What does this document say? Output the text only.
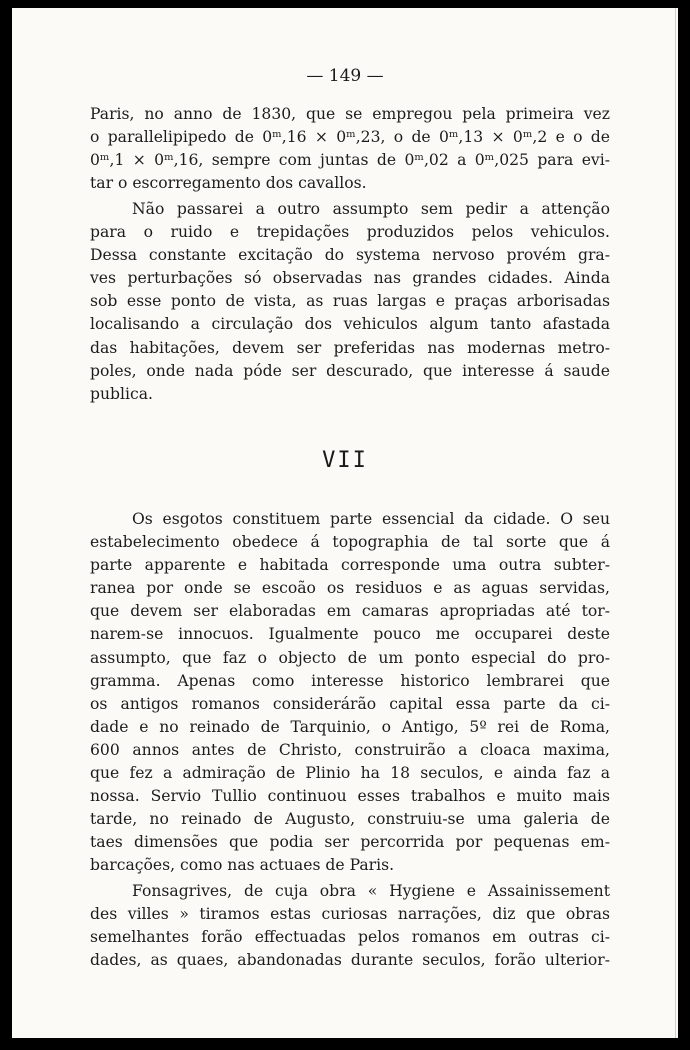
— 149 —
Paris, no anno de 1830, que se empregou pela primeira vez
o parallelipipedo de 0ᵐ,16 × 0ᵐ,23, o de 0ᵐ,13 × 0ᵐ,2 e o de
0ᵐ,1 × 0ᵐ,16, sempre com juntas de 0ᵐ,02 a 0ᵐ,025 para evi-
tar o escorregamento dos cavallos.
Não passarei a outro assumpto sem pedir a attenção
para o ruido e trepidações produzidos pelos vehiculos.
Dessa constante excitação do systema nervoso provém gra-
ves perturbações só observadas nas grandes cidades. Ainda
sob esse ponto de vista, as ruas largas e praças arborisadas
localisando a circulação dos vehiculos algum tanto afastada
das habitações, devem ser preferidas nas modernas metro-
poles, onde nada póde ser descurado, que interesse á saude
publica.
VII
Os esgotos constituem parte essencial da cidade. O seu
estabelecimento obedece á topographia de tal sorte que á
parte apparente e habitada corresponde uma outra subter-
ranea por onde se escoão os residuos e as aguas servidas,
que devem ser elaboradas em camaras apropriadas até tor-
narem-se innocuos. Igualmente pouco me occuparei deste
assumpto, que faz o objecto de um ponto especial do pro-
gramma. Apenas como interesse historico lembrarei que
os antigos romanos considerárão capital essa parte da ci-
dade e no reinado de Tarquinio, o Antigo, 5º rei de Roma,
600 annos antes de Christo, construirão a cloaca maxima,
que fez a admiração de Plinio ha 18 seculos, e ainda faz a
nossa. Servio Tullio continuou esses trabalhos e muito mais
tarde, no reinado de Augusto, construiu-se uma galeria de
taes dimensões que podia ser percorrida por pequenas em-
barcações, como nas actuaes de Paris.
Fonsagrives, de cuja obra « Hygiene e Assainissement
des villes » tiramos estas curiosas narrações, diz que obras
semelhantes forão effectuadas pelos romanos em outras ci-
dades, as quaes, abandonadas durante seculos, forão ulterior-
